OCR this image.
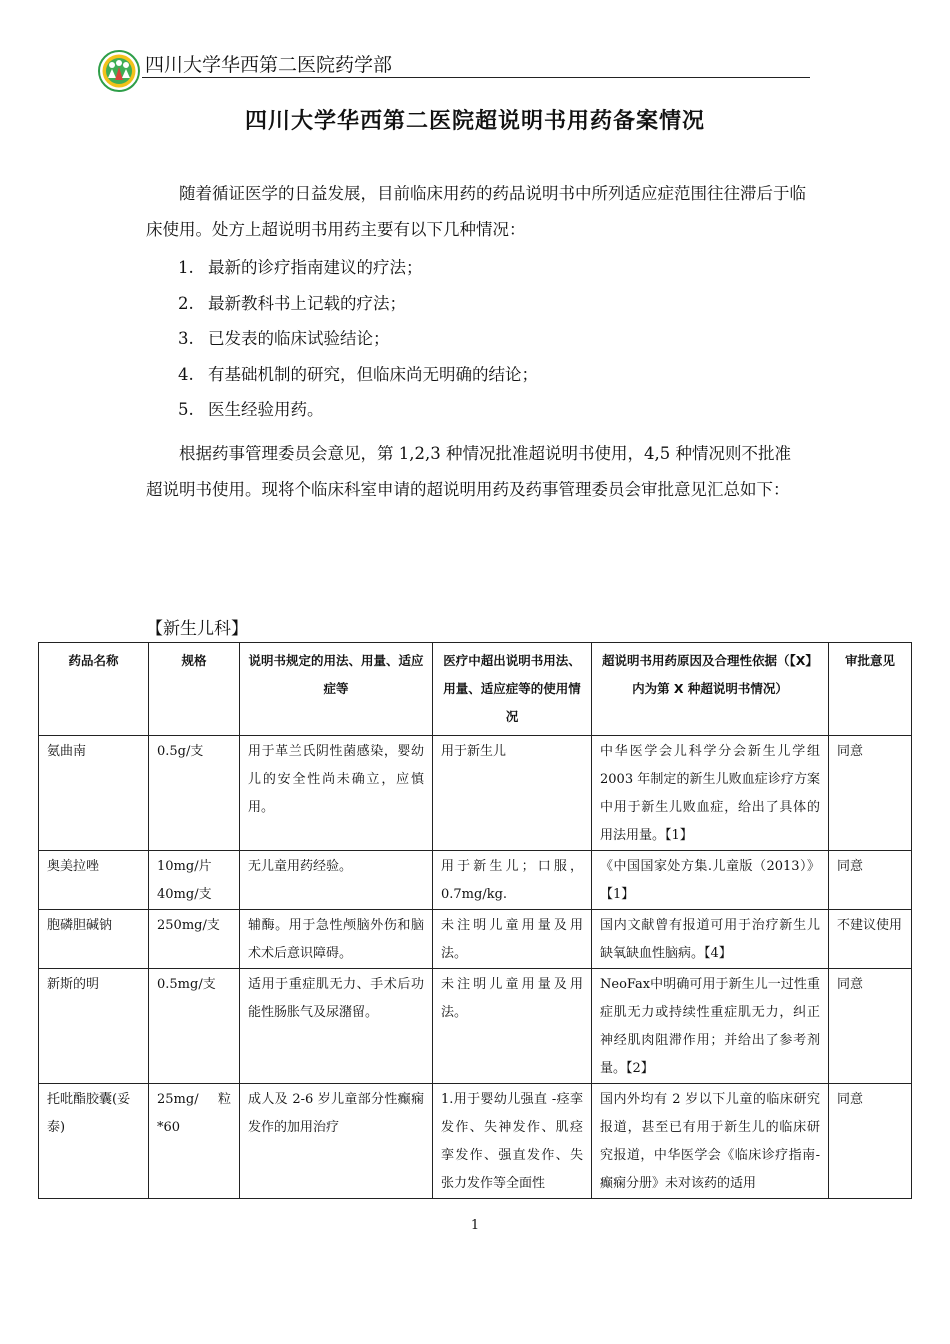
四川大学华西第二医院药学部
四川大学华西第二医院超说明书用药备案情况
随着循证医学的日益发展，目前临床用药的药品说明书中所列适应症范围往往滞后于临床使用。处方上超说明书用药主要有以下几种情况：
1. 最新的诊疗指南建议的疗法；
2. 最新教科书上记载的疗法；
3. 已发表的临床试验结论；
4. 有基础机制的研究，但临床尚无明确的结论；
5. 医生经验用药。
根据药事管理委员会意见，第 1,2,3 种情况批准超说明书使用，4,5 种情况则不批准超说明书使用。现将个临床科室申请的超说明用药及药事管理委员会审批意见汇总如下：
【新生儿科】
药品名称	规格	说明书规定的用法、用量、适应症等	医疗中超出说明书用法、用量、适应症等的使用情况	超说明书用药原因及合理性依据（【X】内为第 X 种超说明书情况）	审批意见
氨曲南	0.5g/支	用于革兰氏阴性菌感染，婴幼儿的安全性尚未确立，应慎用。	用于新生儿	中华医学会儿科学分会新生儿学组 2003 年制定的新生儿败血症诊疗方案中用于新生儿败血症，给出了具体的用法用量。【1】	同意
奥美拉唑	10mg/片 40mg/支	无儿童用药经验。	用于新生儿；口服，0.7mg/kg.	《中国国家处方集.儿童版（2013）》【1】	同意
胞磷胆碱钠	250mg/支	辅酶。用于急性颅脑外伤和脑术术后意识障碍。	未注明儿童用量及用法。	国内文献曾有报道可用于治疗新生儿缺氧缺血性脑病。【4】	不建议使用
新斯的明	0.5mg/支	适用于重症肌无力、手术后功能性肠胀气及尿潴留。	未注明儿童用量及用法。	NeoFax中明确可用于新生儿一过性重症肌无力或持续性重症肌无力，纠正神经肌肉阻滞作用；并给出了参考剂量。【2】	同意
托吡酯胶囊(妥泰)	25mg/ 粒 *60	成人及 2-6 岁儿童部分性癫痫发作的加用治疗	1.用于婴幼儿强直 -痉挛发作、失神发作、肌痉挛发作、强直发作、失张力发作等全面性	国内外均有 2 岁以下儿童的临床研究报道，甚至已有用于新生儿的临床研究报道，中华医学会《临床诊疗指南-癫痫分册》未对该药的适用	同意
1
